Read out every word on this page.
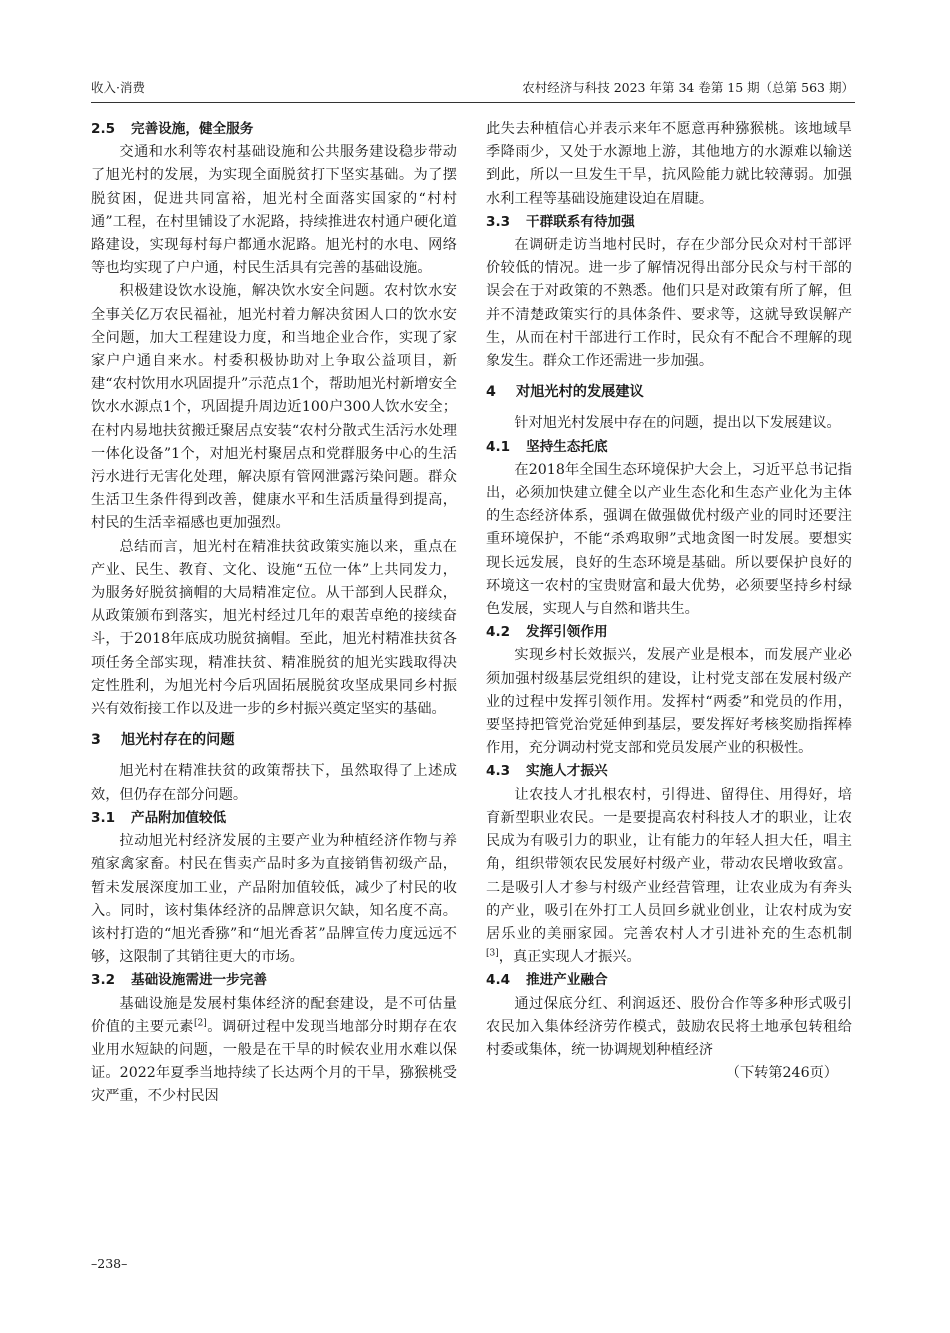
收入·消费	农村经济与科技 2023 年第 34 卷第 15 期（总第 563 期）
2.5 完善设施，健全服务

交通和水利等农村基础设施和公共服务建设稳步带动了旭光村的发展，为实现全面脱贫打下坚实基础。为了摆脱贫困，促进共同富裕，旭光村全面落实国家的“村村通”工程，在村里铺设了水泥路，持续推进农村通户硬化道路建设，实现每村每户都通水泥路。旭光村的水电、网络等也均实现了户户通，村民生活具有完善的基础设施。

积极建设饮水设施，解决饮水安全问题。农村饮水安全事关亿万农民福祉，旭光村着力解决贫困人口的饮水安全问题，加大工程建设力度，和当地企业合作，实现了家家户户通自来水。村委积极协助对上争取公益项目，新建“农村饮用水巩固提升”示范点1个，帮助旭光村新增安全饮水水源点1个，巩固提升周边近100户300人饮水安全；在村内易地扶贫搬迁聚居点安装“农村分散式生活污水处理一体化设备”1个，对旭光村聚居点和党群服务中心的生活污水进行无害化处理，解决原有管网泄露污染问题。群众生活卫生条件得到改善，健康水平和生活质量得到提高，村民的生活幸福感也更加强烈。

总结而言，旭光村在精准扶贫政策实施以来，重点在产业、民生、教育、文化、设施“五位一体”上共同发力，为服务好脱贫摘帽的大局精准定位。从干部到人民群众，从政策颁布到落实，旭光村经过几年的艰苦卓绝的接续奋斗，于2018年底成功脱贫摘帽。至此，旭光村精准扶贫各项任务全部实现，精准扶贫、精准脱贫的旭光实践取得决定性胜利，为旭光村今后巩固拓展脱贫攻坚成果同乡村振兴有效衔接工作以及进一步的乡村振兴奠定坚实的基础。

3 旭光村存在的问题

旭光村在精准扶贫的政策帮扶下，虽然取得了上述成效，但仍存在部分问题。

3.1 产品附加值较低

拉动旭光村经济发展的主要产业为种植经济作物与养殖家禽家畜。村民在售卖产品时多为直接销售初级产品，暂未发展深度加工业，产品附加值较低，减少了村民的收入。同时，该村集体经济的品牌意识欠缺，知名度不高。该村打造的“旭光香猕”和“旭光香茗”品牌宣传力度远远不够，这限制了其销往更大的市场。

3.2 基础设施需进一步完善

基础设施是发展村集体经济的配套建设，是不可估量价值的主要元素[2]。调研过程中发现当地部分时期存在农业用水短缺的问题，一般是在干旱的时候农业用水难以保证。2022年夏季当地持续了长达两个月的干旱，猕猴桃受灾严重，不少村民因

此失去种植信心并表示来年不愿意再种猕猴桃。该地域旱季降雨少，又处于水源地上游，其他地方的水源难以输送到此，所以一旦发生干旱，抗风险能力就比较薄弱。加强水利工程等基础设施建设迫在眉睫。

3.3 干群联系有待加强

在调研走访当地村民时，存在少部分民众对村干部评价较低的情况。进一步了解情况得出部分民众与村干部的误会在于对政策的不熟悉。他们只是对政策有所了解，但并不清楚政策实行的具体条件、要求等，这就导致误解产生，从而在村干部进行工作时，民众有不配合不理解的现象发生。群众工作还需进一步加强。

4 对旭光村的发展建议

针对旭光村发展中存在的问题，提出以下发展建议。

4.1 坚持生态托底

在2018年全国生态环境保护大会上，习近平总书记指出，必须加快建立健全以产业生态化和生态产业化为主体的生态经济体系，强调在做强做优村级产业的同时还要注重环境保护，不能“杀鸡取卵”式地贪图一时发展。要想实现长远发展，良好的生态环境是基础。所以要保护良好的环境这一农村的宝贵财富和最大优势，必须要坚持乡村绿色发展，实现人与自然和谐共生。

4.2 发挥引领作用

实现乡村长效振兴，发展产业是根本，而发展产业必须加强村级基层党组织的建设，让村党支部在发展村级产业的过程中发挥引领作用。发挥村“两委”和党员的作用，要坚持把管党治党延伸到基层，要发挥好考核奖励指挥棒作用，充分调动村党支部和党员发展产业的积极性。

4.3 实施人才振兴

让农技人才扎根农村，引得进、留得住、用得好，培育新型职业农民。一是要提高农村科技人才的职业，让农民成为有吸引力的职业，让有能力的年轻人担大任，唱主角，组织带领农民发展好村级产业，带动农民增收致富。二是吸引人才参与村级产业经营管理，让农业成为有奔头的产业，吸引在外打工人员回乡就业创业，让农村成为安居乐业的美丽家园。完善农村人才引进补充的生态机制[3]，真正实现人才振兴。

4.4 推进产业融合

通过保底分红、利润返还、股份合作等多种形式吸引农民加入集体经济劳作模式，鼓励农民将土地承包转租给村委或集体，统一协调规划种植经济

（下转第246页）

–238–
